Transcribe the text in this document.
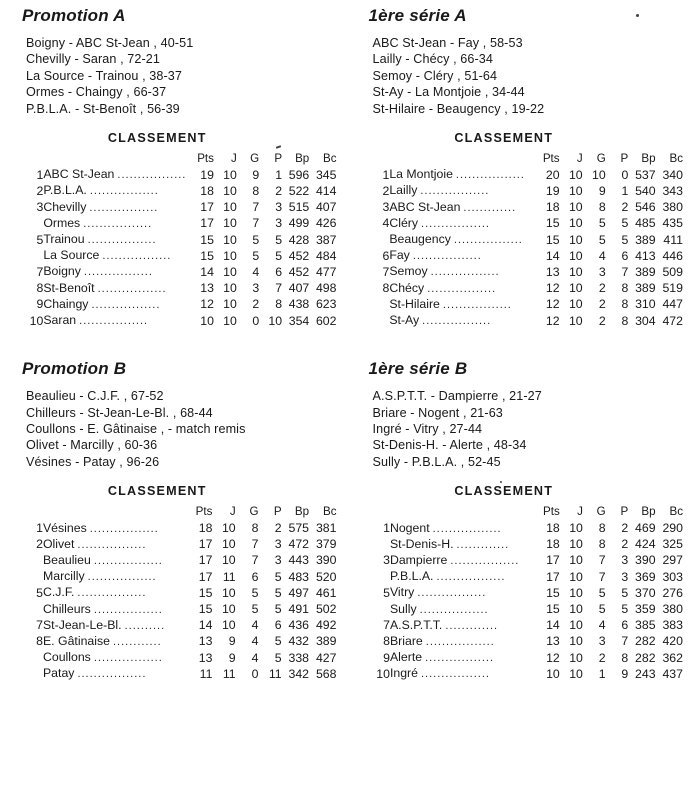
Promotion A
Boigny - ABC St-Jean , 40-51
Chevilly - Saran , 72-21
La Source - Trainou , 38-37
Ormes - Chaingy , 66-37
P.B.L.A. - St-Benoît , 56-39
CLASSEMENT
		Pts	J	G	P	Bp	Bc
1	ABC St-Jean .................	19	10	9	1	596	345
2	P.B.L.A. .................	18	10	8	2	522	414
3	Chevilly .................	17	10	7	3	515	407
	Ormes .................	17	10	7	3	499	426
5	Trainou .................	15	10	5	5	428	387
	La Source .................	15	10	5	5	452	484
7	Boigny .................	14	10	4	6	452	477
8	St-Benoît .................	13	10	3	7	407	498
9	Chaingy .................	12	10	2	8	438	623
10	Saran .................	10	10	0	10	354	602
Promotion B
Beaulieu - C.J.F. , 67-52
Chilleurs - St-Jean-Le-Bl. , 68-44
Coullons - E. Gâtinaise , - match remis
Olivet - Marcilly , 60-36
Vésines - Patay , 96-26
CLASSEMENT
		Pts	J	G	P	Bp	Bc
1	Vésines .................	18	10	8	2	575	381
2	Olivet .................	17	10	7	3	472	379
	Beaulieu .................	17	10	7	3	443	390
	Marcilly .................	17	11	6	5	483	520
5	C.J.F. .................	15	10	5	5	497	461
	Chilleurs .................	15	10	5	5	491	502
7	St-Jean-Le-Bl. ..........	14	10	4	6	436	492
8	E. Gâtinaise ............	13	9	4	5	432	389
	Coullons .................	13	9	4	5	338	427
	Patay .................	11	11	0	11	342	568
1ère série A
ABC St-Jean - Fay , 58-53
Lailly - Chécy , 66-34
Semoy - Cléry , 51-64
St-Ay - La Montjoie , 34-44
St-Hilaire - Beaugency , 19-22
CLASSEMENT
		Pts	J	G	P	Bp	Bc
1	La Montjoie .................	20	10	10	0	537	340
2	Lailly .................	19	10	9	1	540	343
3	ABC St-Jean .............	18	10	8	2	546	380
4	Cléry .................	15	10	5	5	485	435
	Beaugency .................	15	10	5	5	389	411
6	Fay .................	14	10	4	6	413	446
7	Semoy .................	13	10	3	7	389	509
8	Chécy .................	12	10	2	8	389	519
	St-Hilaire .................	12	10	2	8	310	447
	St-Ay .................	12	10	2	8	304	472
1ère série B
A.S.P.T.T. - Dampierre , 21-27
Briare - Nogent , 21-63
Ingré - Vitry , 27-44
St-Denis-H. - Alerte , 48-34
Sully - P.B.L.A. , 52-45
CLASSEMENT
		Pts	J	G	P	Bp	Bc
1	Nogent .................	18	10	8	2	469	290
	St-Denis-H. .............	18	10	8	2	424	325
3	Dampierre .................	17	10	7	3	390	297
	P.B.L.A. .................	17	10	7	3	369	303
5	Vitry .................	15	10	5	5	370	276
	Sully .................	15	10	5	5	359	380
7	A.S.P.T.T. .............	14	10	4	6	385	383
8	Briare .................	13	10	3	7	282	420
9	Alerte .................	12	10	2	8	282	362
10	Ingré .................	10	10	1	9	243	437
